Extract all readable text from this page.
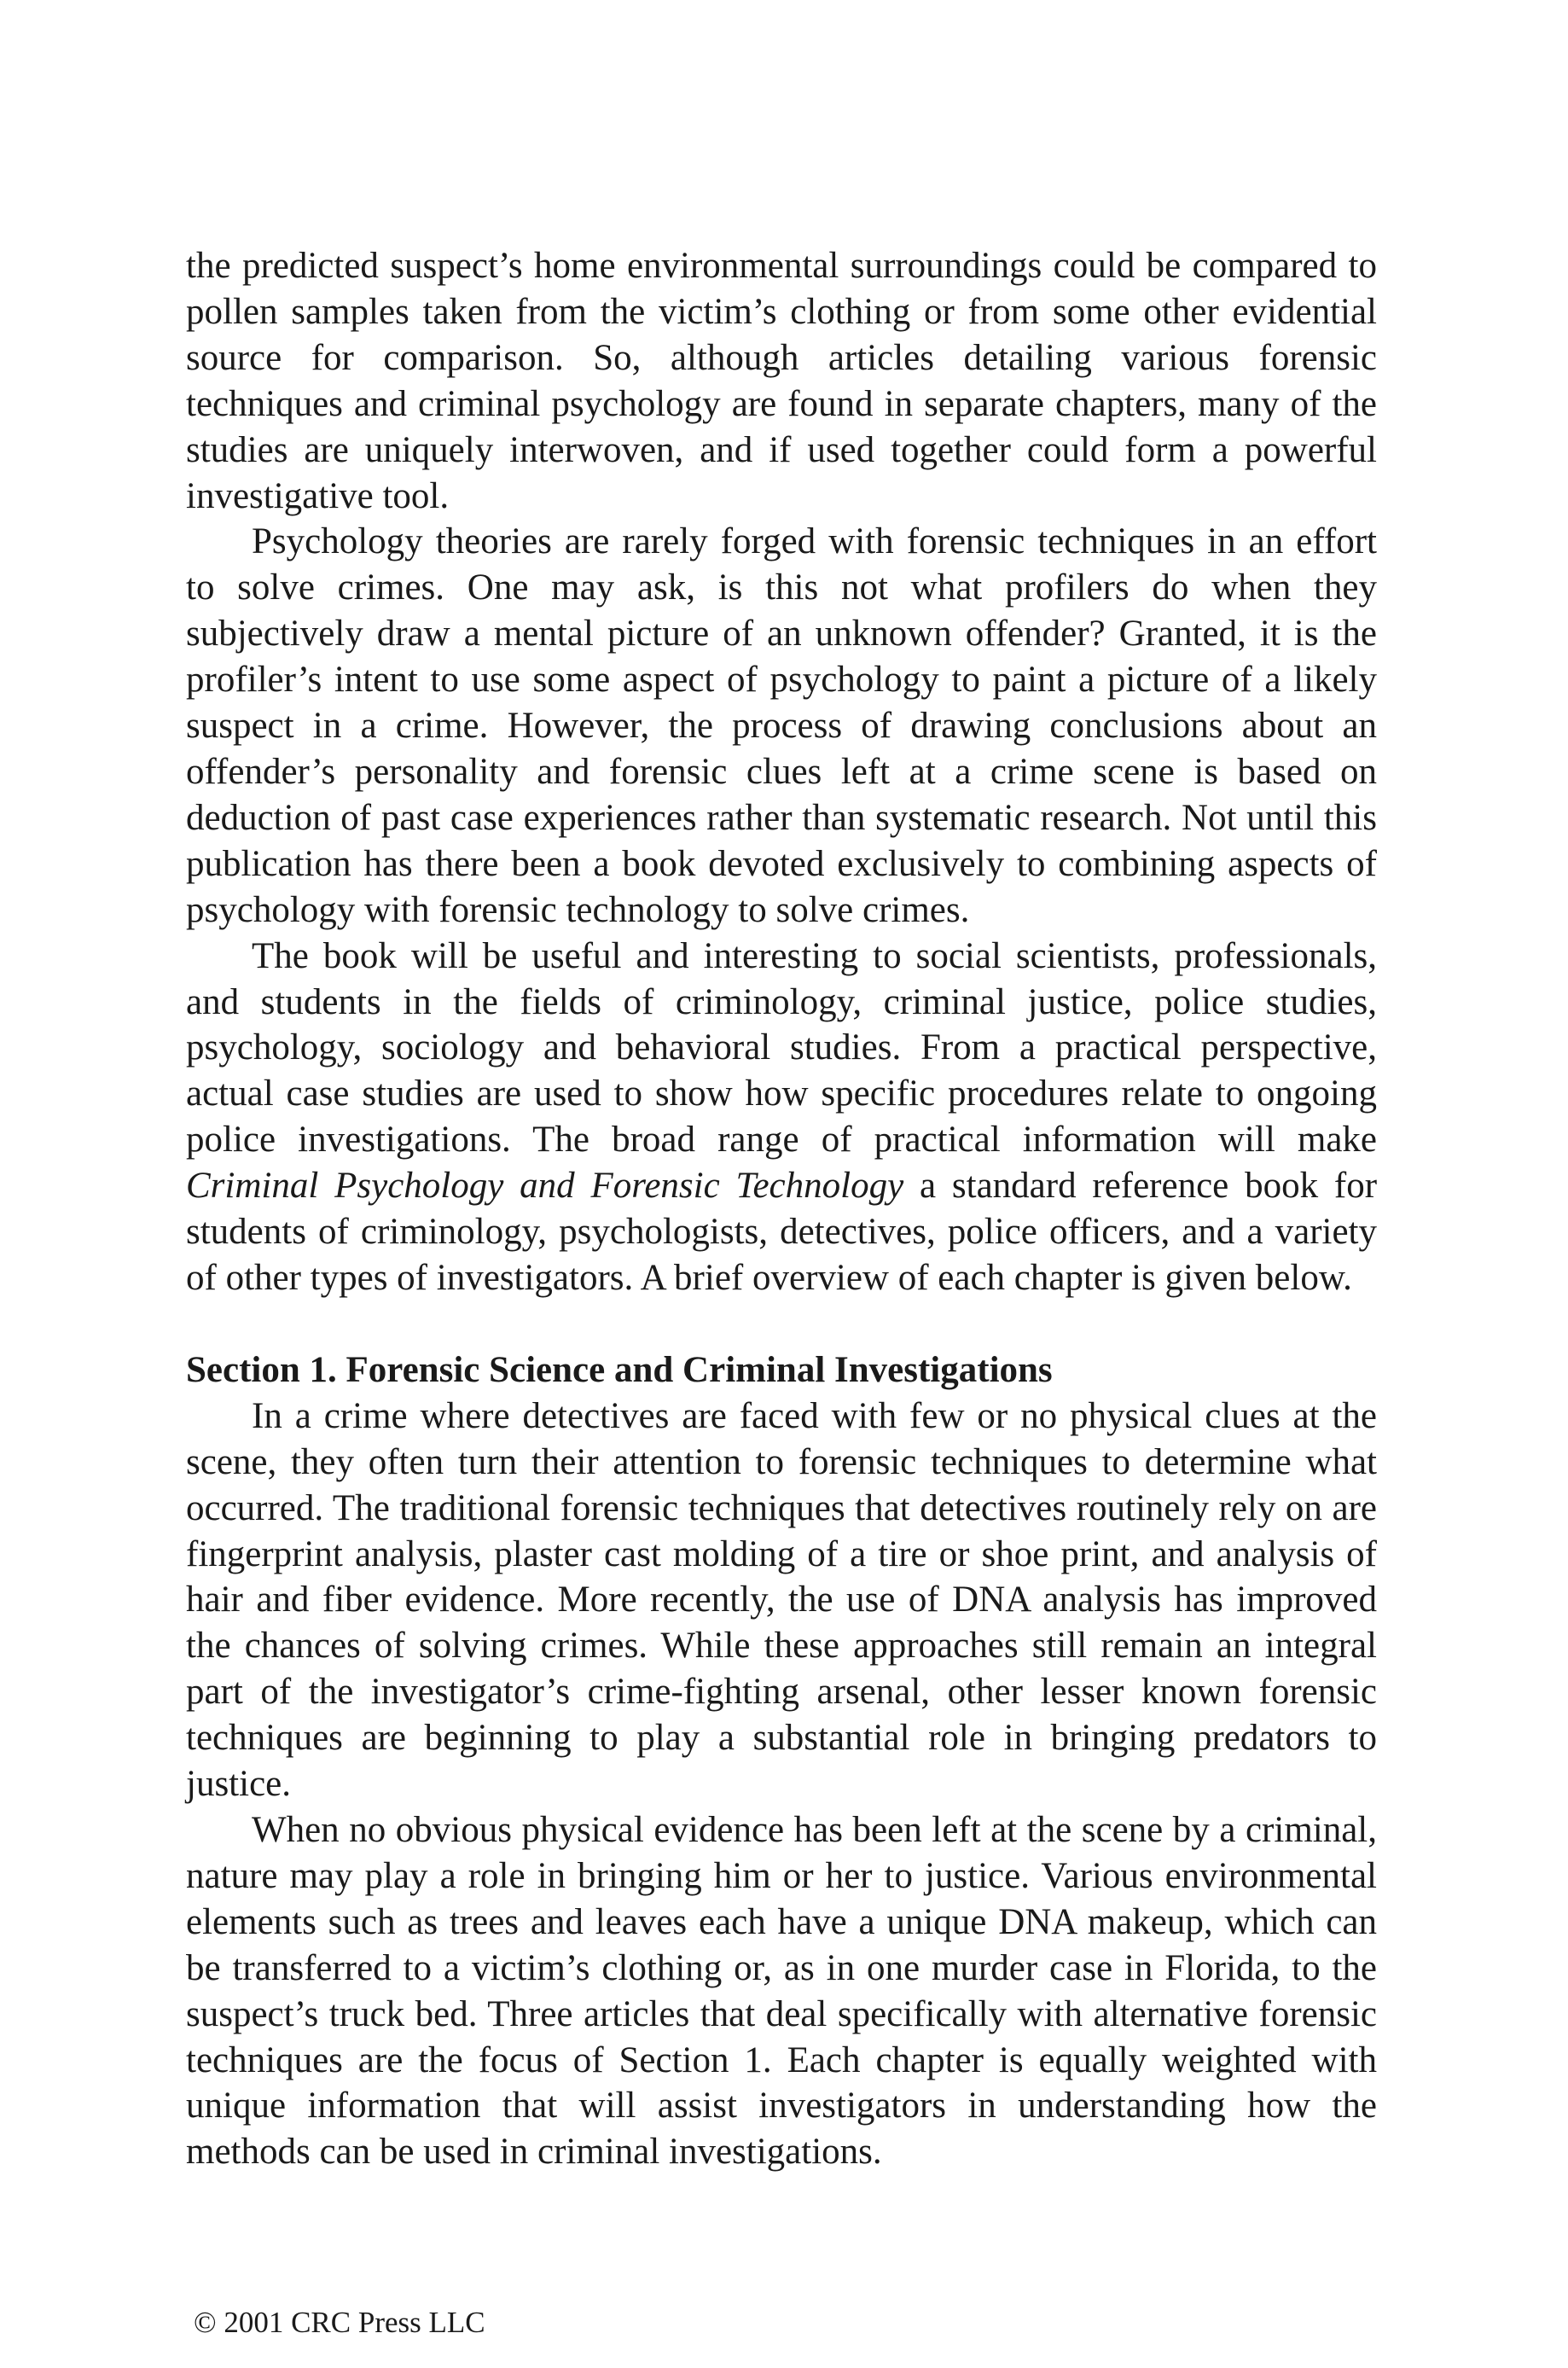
the predicted suspect’s home environmental surroundings could be compared to pollen samples taken from the victim’s clothing or from some other evidential source for comparison. So, although articles detailing various forensic techniques and criminal psychology are found in separate chapters, many of the studies are uniquely interwoven, and if used together could form a powerful investigative tool.

Psychology theories are rarely forged with forensic techniques in an effort to solve crimes. One may ask, is this not what profilers do when they subjectively draw a mental picture of an unknown offender? Granted, it is the profiler’s intent to use some aspect of psychology to paint a picture of a likely suspect in a crime. However, the process of drawing conclusions about an offender’s personality and forensic clues left at a crime scene is based on deduction of past case experiences rather than systematic research. Not until this publication has there been a book devoted exclusively to combining aspects of psychology with forensic technology to solve crimes.

The book will be useful and interesting to social scientists, professionals, and students in the fields of criminology, criminal justice, police studies, psychology, sociology and behavioral studies. From a practical perspective, actual case studies are used to show how specific procedures relate to ongoing police investigations. The broad range of practical information will make Criminal Psychology and Forensic Technology a standard reference book for students of criminology, psychologists, detectives, police officers, and a variety of other types of investigators. A brief overview of each chapter is given below.

Section 1. Forensic Science and Criminal Investigations

In a crime where detectives are faced with few or no physical clues at the scene, they often turn their attention to forensic techniques to determine what occurred. The traditional forensic techniques that detectives routinely rely on are fingerprint analysis, plaster cast molding of a tire or shoe print, and analysis of hair and fiber evidence. More recently, the use of DNA analysis has improved the chances of solving crimes. While these approaches still remain an integral part of the investigator’s crime-fighting arsenal, other lesser known forensic techniques are beginning to play a substantial role in bringing predators to justice.

When no obvious physical evidence has been left at the scene by a criminal, nature may play a role in bringing him or her to justice. Various environmental elements such as trees and leaves each have a unique DNA makeup, which can be transferred to a victim’s clothing or, as in one murder case in Florida, to the suspect’s truck bed. Three articles that deal specifically with alternative forensic techniques are the focus of Section 1. Each chapter is equally weighted with unique information that will assist investigators in understanding how the methods can be used in criminal investigations.

© 2001 CRC Press LLC
